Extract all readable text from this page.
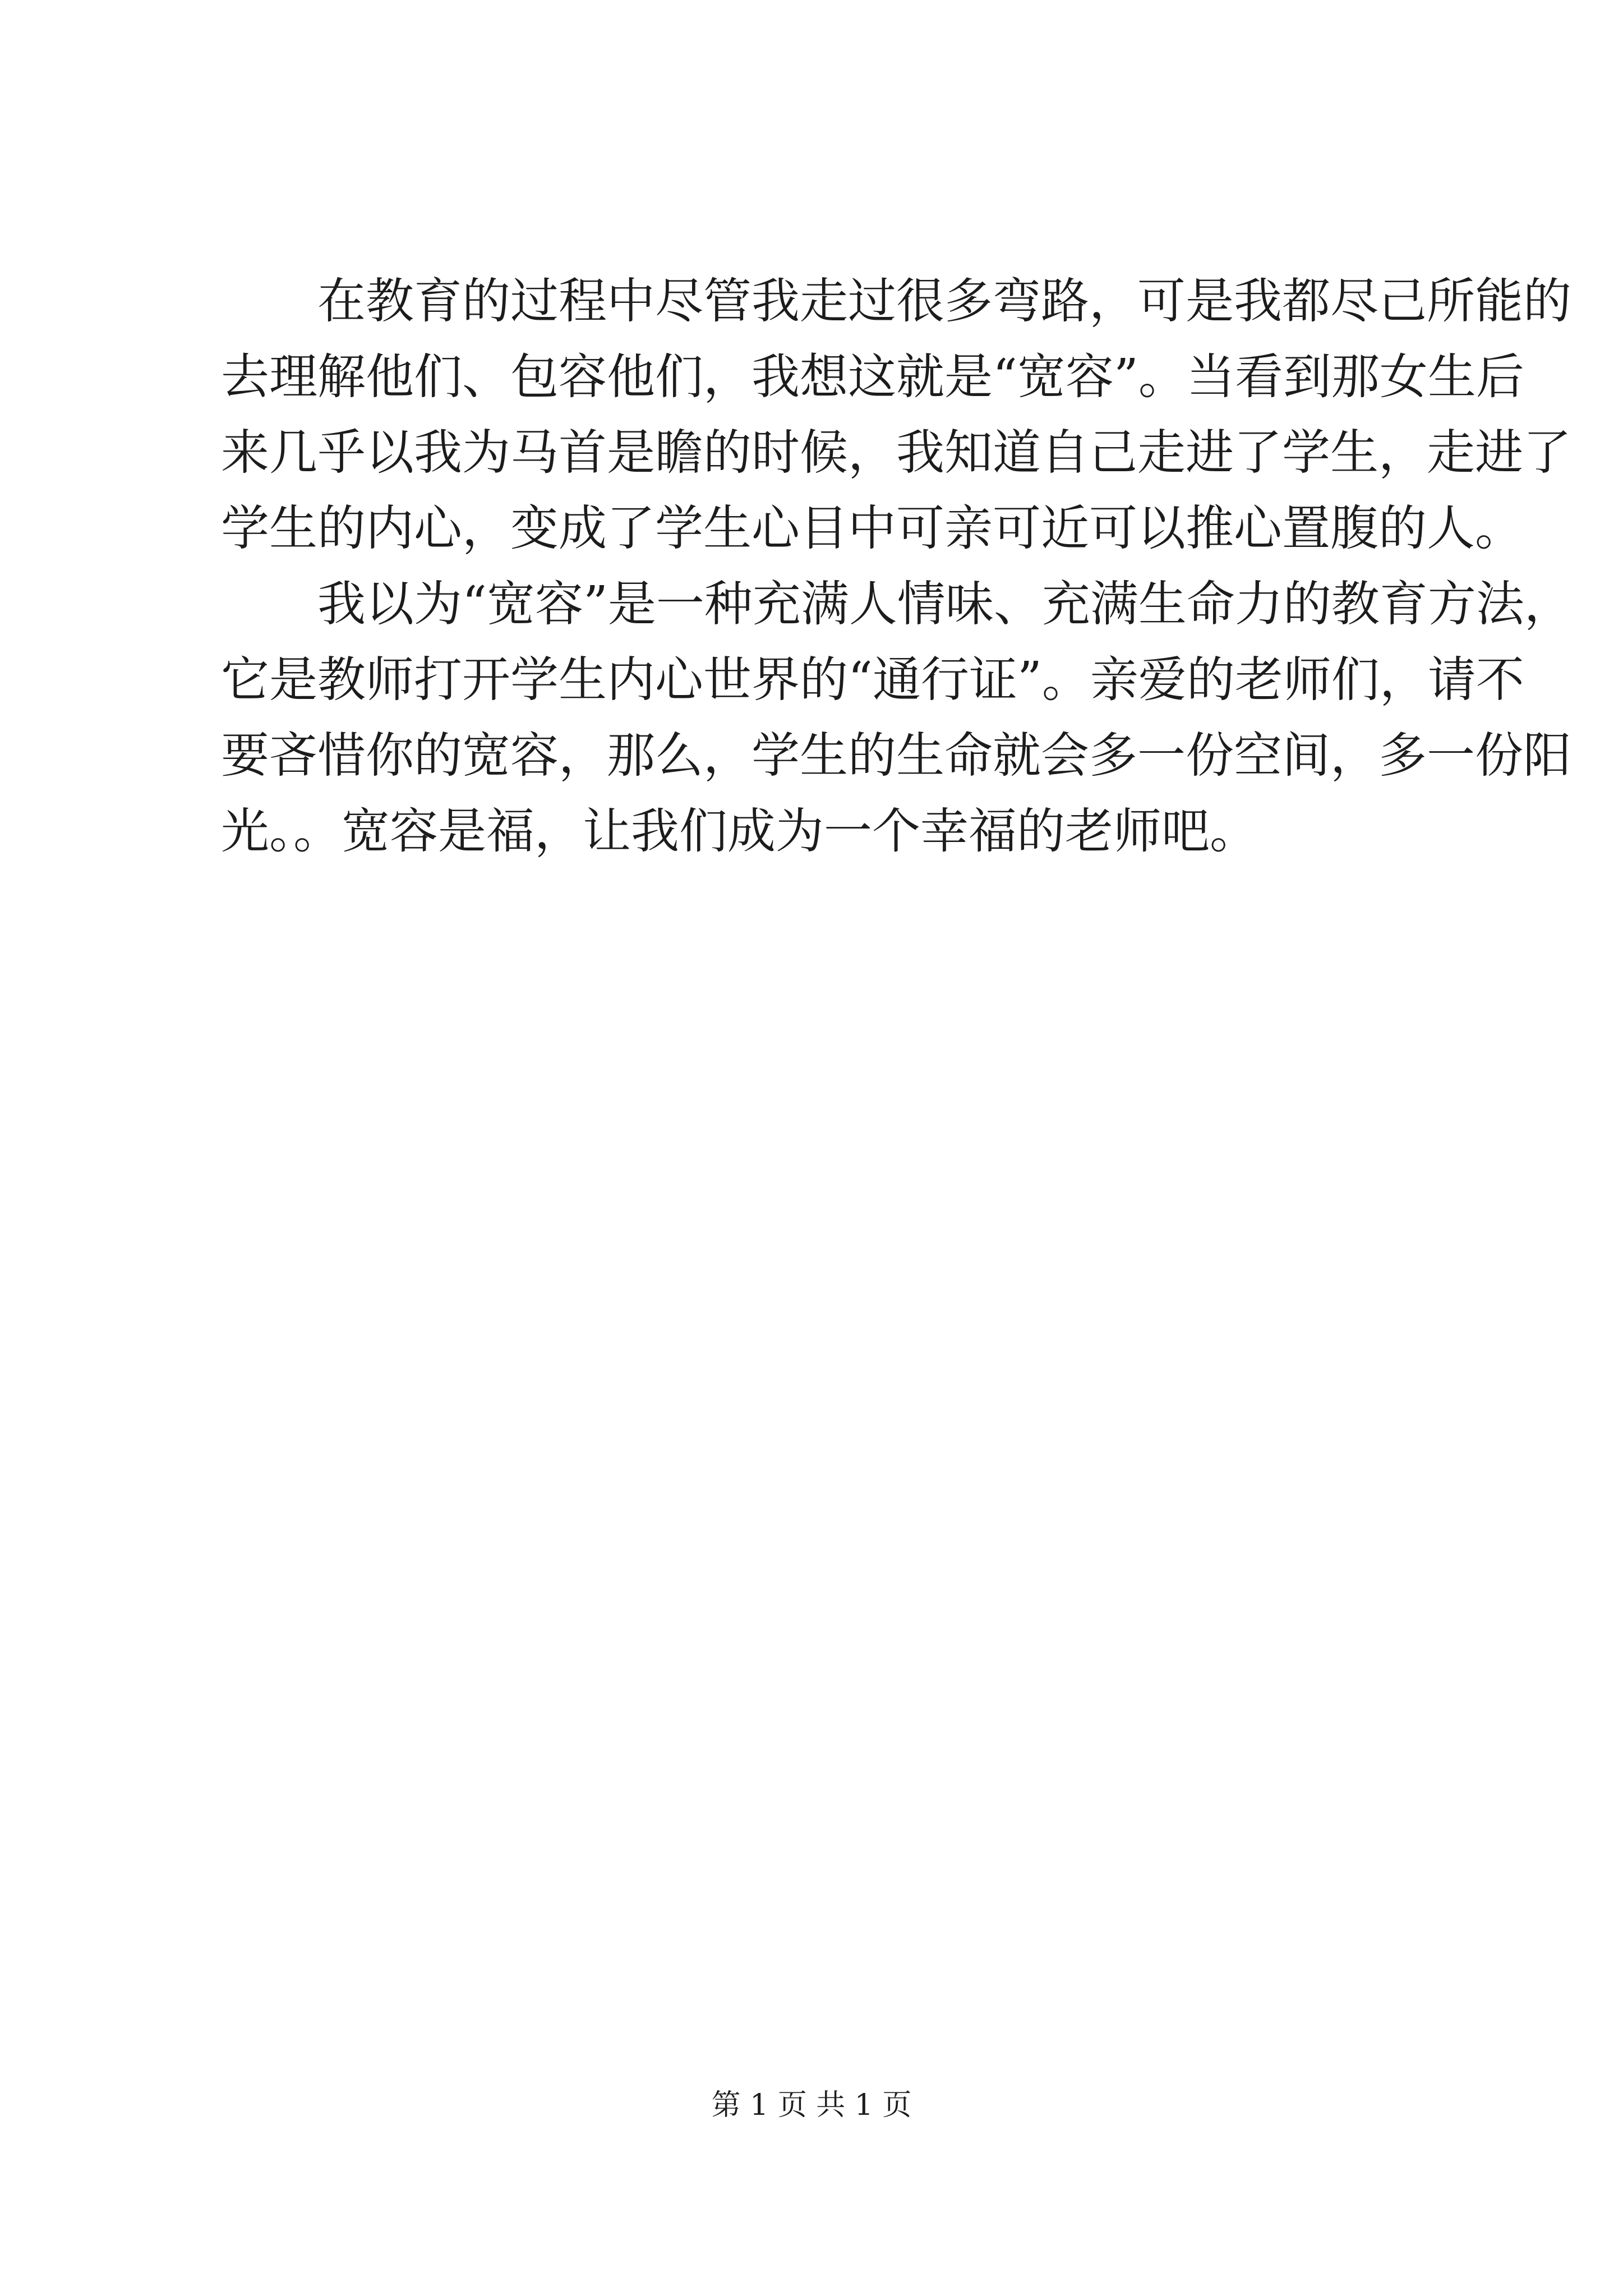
在教育的过程中尽管我走过很多弯路，可是我都尽己所能的
去理解他们、包容他们，我想这就是“宽容”。当看到那女生后
来几乎以我为马首是瞻的时候，我知道自己走进了学生，走进了
学生的内心，变成了学生心目中可亲可近可以推心置腹的人。
我以为“宽容”是一种充满人情味、充满生命力的教育方法，
它是教师打开学生内心世界的“通行证”。亲爱的老师们，请不
要吝惜你的宽容，那么，学生的生命就会多一份空间，多一份阳
光。。宽容是福，让我们成为一个幸福的老师吧。
第 1 页 共 1 页
